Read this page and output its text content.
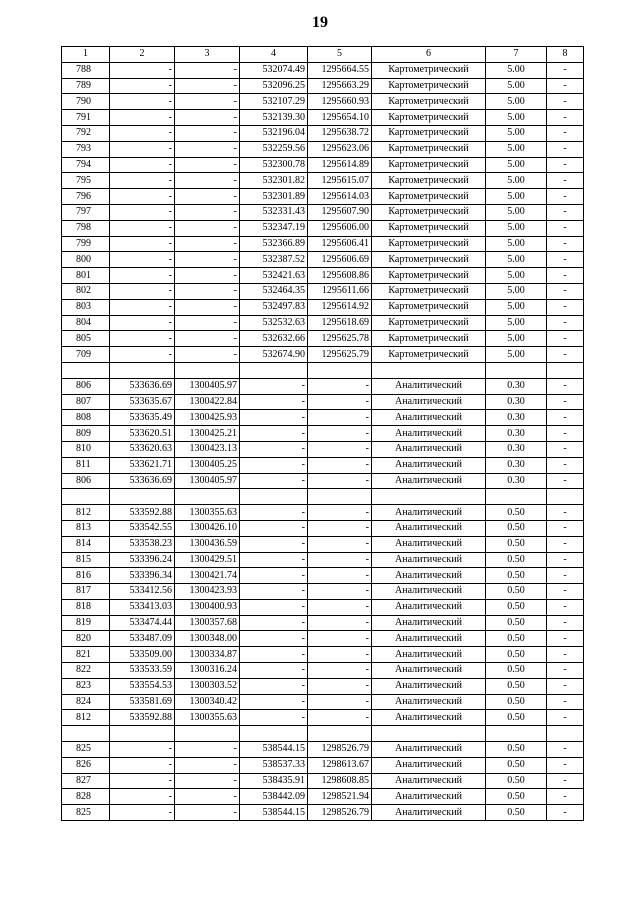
19
1	2	3	4	5	6	7	8
788	-	-	532074.49	1295664.55	Картометрический	5.00	-
789	-	-	532096.25	1295663.29	Картометрический	5.00	-
790	-	-	532107.29	1295660.93	Картометрический	5.00	-
791	-	-	532139.30	1295654.10	Картометрический	5.00	-
792	-	-	532196.04	1295638.72	Картометрический	5.00	-
793	-	-	532259.56	1295623.06	Картометрический	5.00	-
794	-	-	532300.78	1295614.89	Картометрический	5.00	-
795	-	-	532301.82	1295615.07	Картометрический	5.00	-
796	-	-	532301.89	1295614.03	Картометрический	5.00	-
797	-	-	532331.43	1295607.90	Картометрический	5.00	-
798	-	-	532347.19	1295606.00	Картометрический	5.00	-
799	-	-	532366.89	1295606.41	Картометрический	5.00	-
800	-	-	532387.52	1295606.69	Картометрический	5.00	-
801	-	-	532421.63	1295608.86	Картометрический	5.00	-
802	-	-	532464.35	1295611.66	Картометрический	5.00	-
803	-	-	532497.83	1295614.92	Картометрический	5.00	-
804	-	-	532532.63	1295618.69	Картометрический	5.00	-
805	-	-	532632.66	1295625.78	Картометрический	5.00	-
709	-	-	532674.90	1295625.79	Картометрический	5.00	-

806	533636.69	1300405.97	-	-	Аналитический	0.30	-
807	533635.67	1300422.84	-	-	Аналитический	0.30	-
808	533635.49	1300425.93	-	-	Аналитический	0.30	-
809	533620.51	1300425.21	-	-	Аналитический	0.30	-
810	533620.63	1300423.13	-	-	Аналитический	0.30	-
811	533621.71	1300405.25	-	-	Аналитический	0.30	-
806	533636.69	1300405.97	-	-	Аналитический	0.30	-

812	533592.88	1300355.63	-	-	Аналитический	0.50	-
813	533542.55	1300426.10	-	-	Аналитический	0.50	-
814	533538.23	1300436.59	-	-	Аналитический	0.50	-
815	533396.24	1300429.51	-	-	Аналитический	0.50	-
816	533396.34	1300421.74	-	-	Аналитический	0.50	-
817	533412.56	1300423.93	-	-	Аналитический	0.50	-
818	533413.03	1300400.93	-	-	Аналитический	0.50	-
819	533474.44	1300357.68	-	-	Аналитический	0.50	-
820	533487.09	1300348.00	-	-	Аналитический	0.50	-
821	533509.00	1300334.87	-	-	Аналитический	0.50	-
822	533533.59	1300316.24	-	-	Аналитический	0.50	-
823	533554.53	1300303.52	-	-	Аналитический	0.50	-
824	533581.69	1300340.42	-	-	Аналитический	0.50	-
812	533592.88	1300355.63	-	-	Аналитический	0.50	-

825	-	-	538544.15	1298526.79	Аналитический	0.50	-
826	-	-	538537.33	1298613.67	Аналитический	0.50	-
827	-	-	538435.91	1298608.85	Аналитический	0.50	-
828	-	-	538442.09	1298521.94	Аналитический	0.50	-
825	-	-	538544.15	1298526.79	Аналитический	0.50	-
